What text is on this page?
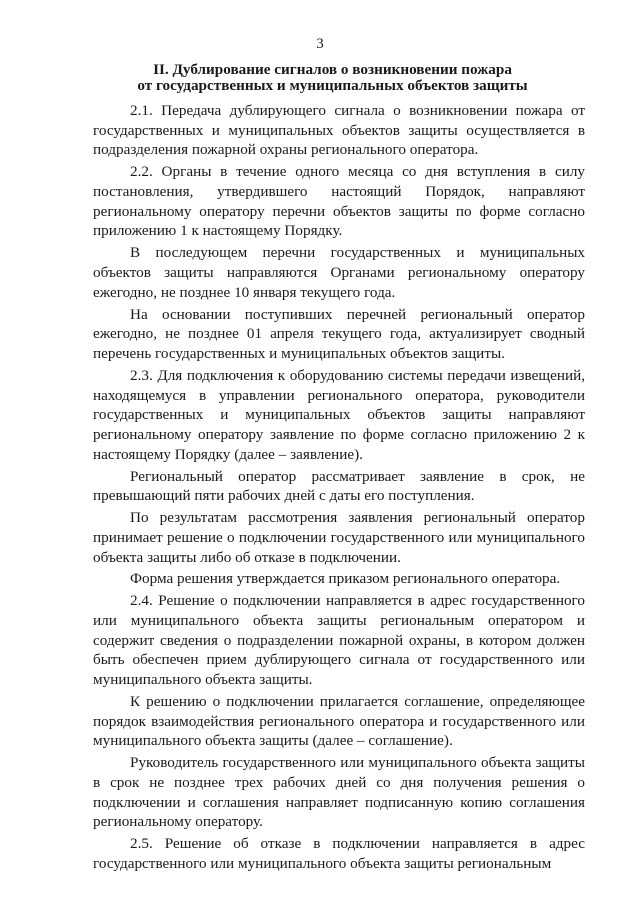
3
II. Дублирование сигналов о возникновении пожара
от государственных и муниципальных объектов защиты

2.1. Передача дублирующего сигнала о возникновении пожара от государственных и муниципальных объектов защиты осуществляется в подразделения пожарной охраны регионального оператора.

2.2. Органы в течение одного месяца со дня вступления в силу постановления, утвердившего настоящий Порядок, направляют региональному оператору перечни объектов защиты по форме согласно приложению 1 к настоящему Порядку.

В последующем перечни государственных и муниципальных объектов защиты направляются Органами региональному оператору ежегодно, не позднее 10 января текущего года.

На основании поступивших перечней региональный оператор ежегодно, не позднее 01 апреля текущего года, актуализирует сводный перечень государственных и муниципальных объектов защиты.

2.3. Для подключения к оборудованию системы передачи извещений, находящемуся в управлении регионального оператора, руководители государственных и муниципальных объектов защиты направляют региональному оператору заявление по форме согласно приложению 2 к настоящему Порядку (далее – заявление).

Региональный оператор рассматривает заявление в срок, не превышающий пяти рабочих дней с даты его поступления.

По результатам рассмотрения заявления региональный оператор принимает решение о подключении государственного или муниципального объекта защиты либо об отказе в подключении.

Форма решения утверждается приказом регионального оператора.

2.4. Решение о подключении направляется в адрес государственного или муниципального объекта защиты региональным оператором и содержит сведения о подразделении пожарной охраны, в котором должен быть обеспечен прием дублирующего сигнала от государственного или муниципального объекта защиты.

К решению о подключении прилагается соглашение, определяющее порядок взаимодействия регионального оператора и государственного или муниципального объекта защиты (далее – соглашение).

Руководитель государственного или муниципального объекта защиты в срок не позднее трех рабочих дней со дня получения решения о подключении и соглашения направляет подписанную копию соглашения региональному оператору.

2.5. Решение об отказе в подключении направляется в адрес государственного или муниципального объекта защиты региональным
